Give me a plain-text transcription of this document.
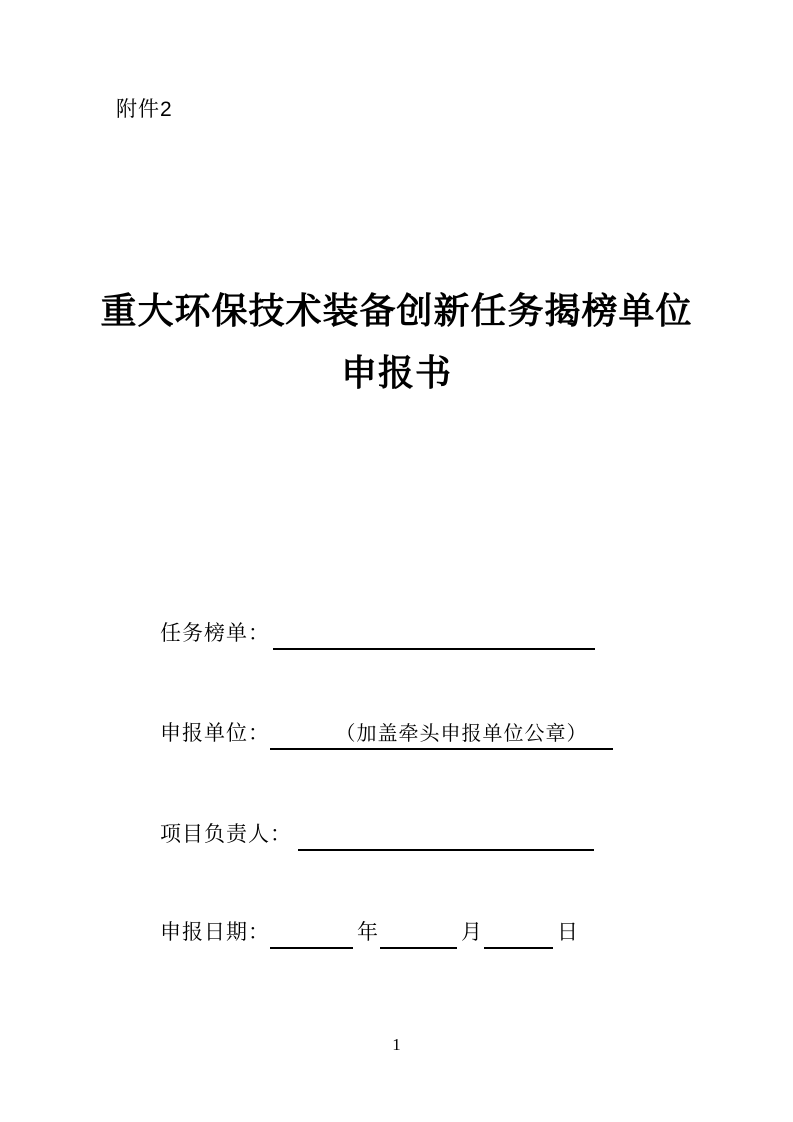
附件2
重大环保技术装备创新任务揭榜单位
申报书
任务榜单：
申报单位：	（加盖牵头申报单位公章）
项目负责人：
申报日期：	年	月	日
1
